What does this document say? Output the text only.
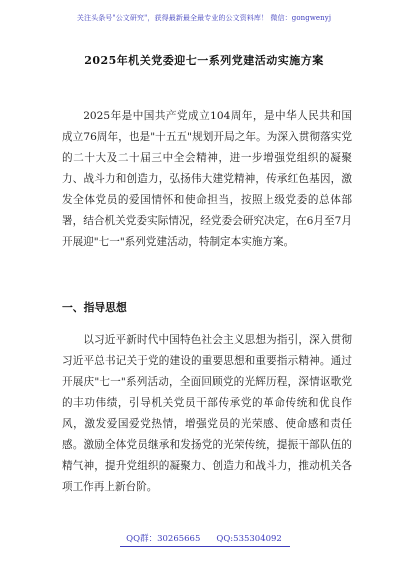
关注头条号"公文研究"，获得最新最全最专业的公文资料库！ 微信：gongwenyj
2025年机关党委迎七一系列党建活动实施方案

2025年是中国共产党成立104周年，是中华人民共和国成立76周年，也是"十五五"规划开局之年。为深入贯彻落实党的二十大及二十届三中全会精神，进一步增强党组织的凝聚力、战斗力和创造力，弘扬伟大建党精神，传承红色基因，激发全体党员的爱国情怀和使命担当，按照上级党委的总体部署，结合机关党委实际情况，经党委会研究决定，在6月至7月开展迎"七一"系列党建活动，特制定本实施方案。

一、指导思想

以习近平新时代中国特色社会主义思想为指引，深入贯彻习近平总书记关于党的建设的重要思想和重要指示精神。通过开展庆"七一"系列活动，全面回顾党的光辉历程，深情讴歌党的丰功伟绩，引导机关党员干部传承党的革命传统和优良作风，激发爱国爱党热情，增强党员的光荣感、使命感和责任感。激励全体党员继承和发扬党的光荣传统，提振干部队伍的精气神，提升党组织的凝聚力、创造力和战斗力，推动机关各项工作再上新台阶。

QQ群：30265665 QQ:535304092
